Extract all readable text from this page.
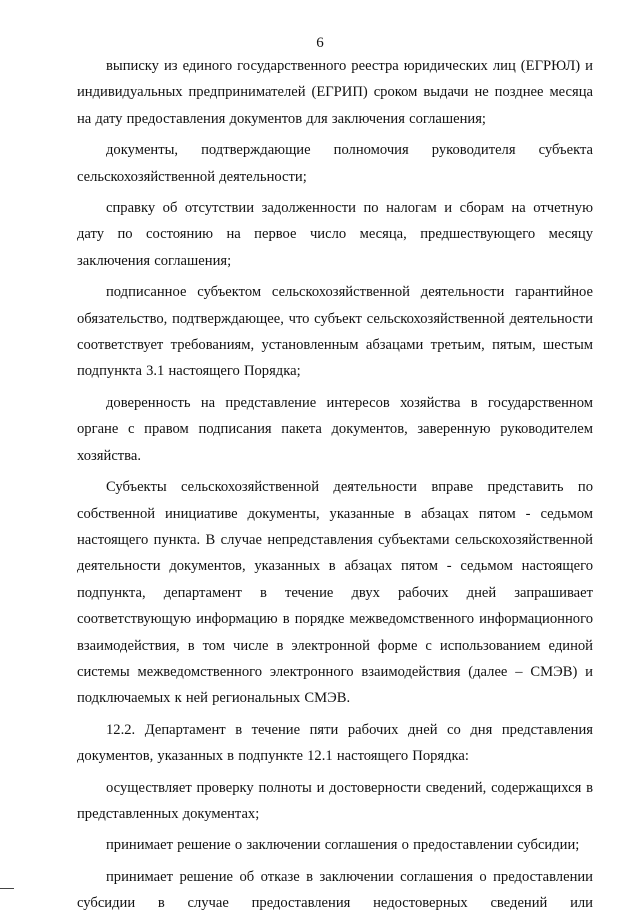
6

выписку из единого государственного реестра юридических лиц (ЕГРЮЛ) и индивидуальных предпринимателей (ЕГРИП) сроком выдачи не позднее месяца на дату предоставления документов для заключения соглашения;

документы, подтверждающие полномочия руководителя субъекта сельскохозяйственной деятельности;

справку об отсутствии задолженности по налогам и сборам на отчетную дату по состоянию на первое число месяца, предшествующего месяцу заключения соглашения;

подписанное субъектом сельскохозяйственной деятельности гарантийное обязательство, подтверждающее, что субъект сельскохозяйственной деятельности соответствует требованиям, установленным абзацами третьим, пятым, шестым подпункта 3.1 настоящего Порядка;

доверенность на представление интересов хозяйства в государственном органе с правом подписания пакета документов, заверенную руководителем хозяйства.

Субъекты сельскохозяйственной деятельности вправе представить по собственной инициативе документы, указанные в абзацах пятом - седьмом настоящего пункта. В случае непредставления субъектами сельскохозяйственной деятельности документов, указанных в абзацах пятом - седьмом настоящего подпункта, департамент в течение двух рабочих дней запрашивает соответствующую информацию в порядке межведомственного информационного взаимодействия, в том числе в электронной форме с использованием единой системы межведомственного электронного взаимодействия (далее – СМЭВ) и подключаемых к ней региональных СМЭВ.

12.2. Департамент в течение пяти рабочих дней со дня представления документов, указанных в подпункте 12.1 настоящего Порядка:

осуществляет проверку полноты и достоверности сведений, содержащихся в представленных документах;

принимает решение о заключении соглашения о предоставлении субсидии;

принимает решение об отказе в заключении соглашения о предоставлении субсидии в случае предоставления недостоверных сведений или
